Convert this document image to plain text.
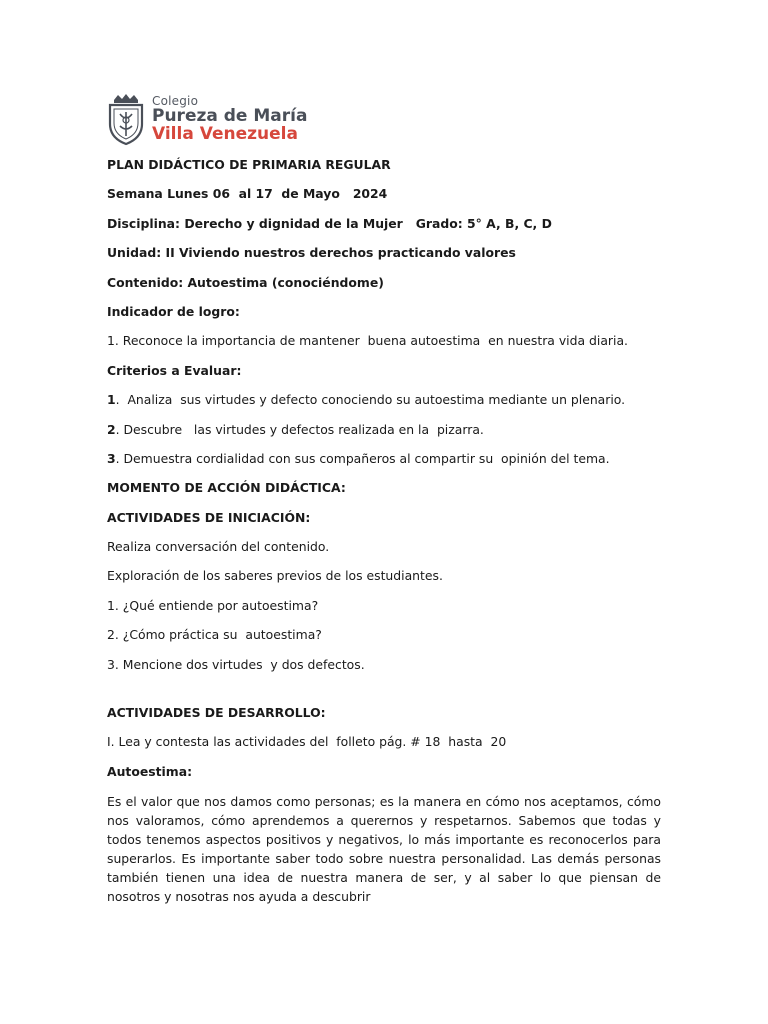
Colegio
Pureza de María
Villa Venezuela
PLAN DIDÁCTICO DE PRIMARIA REGULAR
Semana Lunes 06  al 17  de Mayo   2024
Disciplina: Derecho y dignidad de la Mujer   Grado: 5° A, B, C, D
Unidad: II Viviendo nuestros derechos practicando valores
Contenido: Autoestima (conociéndome)
Indicador de logro:
1. Reconoce la importancia de mantener  buena autoestima  en nuestra vida diaria.
Criterios a Evaluar:
1.  Analiza  sus virtudes y defecto conociendo su autoestima mediante un plenario.
2. Descubre   las virtudes y defectos realizada en la  pizarra.
3. Demuestra cordialidad con sus compañeros al compartir su  opinión del tema.
MOMENTO DE ACCIÓN DIDÁCTICA:
ACTIVIDADES DE INICIACIÓN:
Realiza conversación del contenido.
Exploración de los saberes previos de los estudiantes.
1. ¿Qué entiende por autoestima?
2. ¿Cómo práctica su  autoestima?
3. Mencione dos virtudes  y dos defectos.
ACTIVIDADES DE DESARROLLO:
I. Lea y contesta las actividades del  folleto pág. # 18  hasta  20
Autoestima:

Es el valor que nos damos como personas; es la manera en cómo nos aceptamos, cómo nos valoramos, cómo aprendemos a querernos y respetarnos. Sabemos que todas y todos tenemos aspectos positivos y negativos, lo más importante es reconocerlos para superarlos. Es importante saber todo sobre nuestra personalidad. Las demás personas también tienen una idea de nuestra manera de ser, y al saber lo que piensan de nosotros y nosotras nos ayuda a descubrir
